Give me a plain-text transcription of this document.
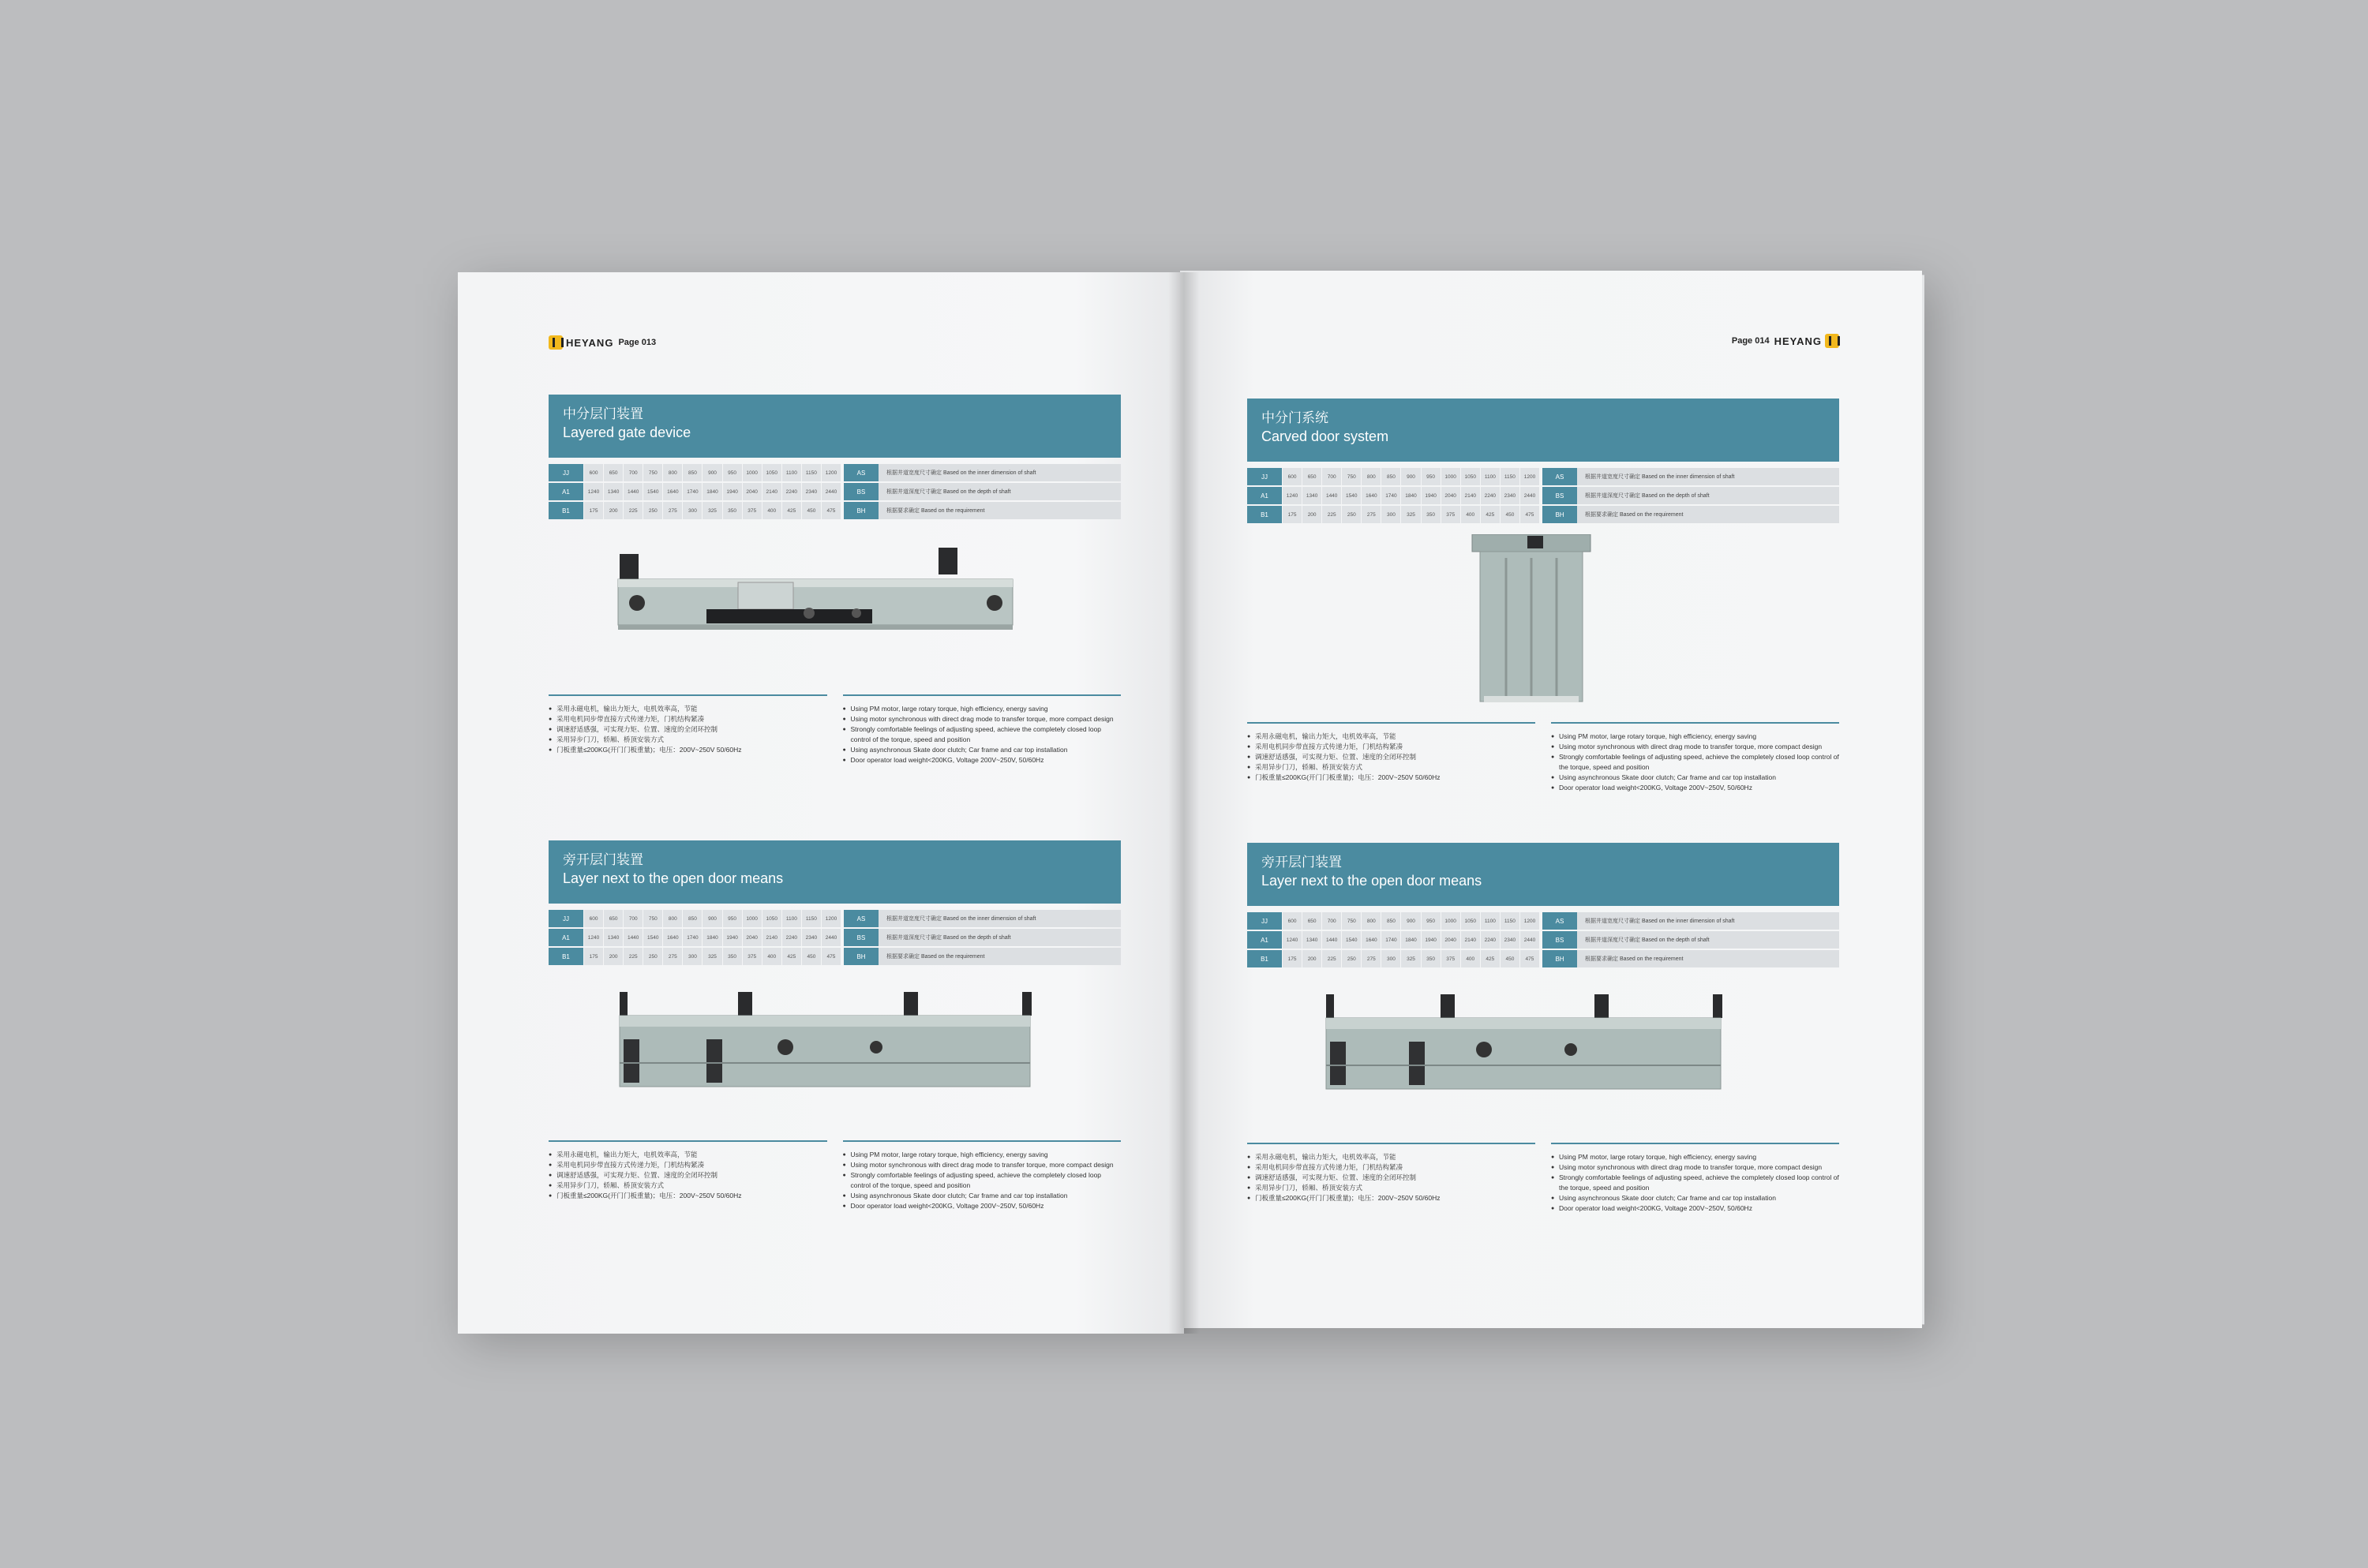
HEYANG Page 013
中分层门装置
Layered gate device
JJ	600	650	700	750	800	850	900	950	1000	1050	1100	1150	1200
A1	1240	1340	1440	1540	1640	1740	1840	1940	2040	2140	2240	2340	2440
B1	175	200	225	250	275	300	325	350	375	400	425	450	475
AS	根据井道宽度尺寸确定 Based on the inner dimension of shaft
BS	根据井道深度尺寸确定 Based on the depth of shaft
BH	根据要求确定 Based on the requirement
● 采用永磁电机，输出力矩大，电机效率高，节能
● 采用电机同步带直接方式传递力矩，门机结构紧凑
● 调速舒适感强，可实现力矩、位置、速度的全闭环控制
● 采用异步门刀，轿厢、桥顶安装方式
● 门板重量≤200KG(开门门板重量)；电压：200V~250V 50/60Hz
● Using PM motor, large rotary torque, high efficiency, energy saving
● Using motor synchronous with direct drag mode to transfer torque, more compact design
● Strongly comfortable feelings of adjusting speed, achieve the completely closed loop control of the torque, speed and position
● Using asynchronous Skate door clutch; Car frame and car top installation
● Door operator load weight<200KG, Voltage 200V~250V, 50/60Hz
旁开层门装置
Layer next to the open door means
JJ	600	650	700	750	800	850	900	950	1000	1050	1100	1150	1200
A1	1240	1340	1440	1540	1640	1740	1840	1940	2040	2140	2240	2340	2440
B1	175	200	225	250	275	300	325	350	375	400	425	450	475
AS	根据井道宽度尺寸确定 Based on the inner dimension of shaft
BS	根据井道深度尺寸确定 Based on the depth of shaft
BH	根据要求确定 Based on the requirement
● 采用永磁电机，输出力矩大，电机效率高，节能
● 采用电机同步带直接方式传递力矩，门机结构紧凑
● 调速舒适感强，可实现力矩、位置、速度的全闭环控制
● 采用异步门刀，轿厢、桥顶安装方式
● 门板重量≤200KG(开门门板重量)；电压：200V~250V 50/60Hz
● Using PM motor, large rotary torque, high efficiency, energy saving
● Using motor synchronous with direct drag mode to transfer torque, more compact design
● Strongly comfortable feelings of adjusting speed, achieve the completely closed loop control of the torque, speed and position
● Using asynchronous Skate door clutch; Car frame and car top installation
● Door operator load weight<200KG, Voltage 200V~250V, 50/60Hz
Page 014 HEYANG
中分门系统
Carved door system
JJ	600	650	700	750	800	850	900	950	1000	1050	1100	1150	1200
A1	1240	1340	1440	1540	1640	1740	1840	1940	2040	2140	2240	2340	2440
B1	175	200	225	250	275	300	325	350	375	400	425	450	475
AS	根据井道宽度尺寸确定 Based on the inner dimension of shaft
BS	根据井道深度尺寸确定 Based on the depth of shaft
BH	根据要求确定 Based on the requirement
● 采用永磁电机，输出力矩大，电机效率高，节能
● 采用电机同步带直接方式传递力矩，门机结构紧凑
● 调速舒适感强，可实现力矩、位置、速度的全闭环控制
● 采用异步门刀，轿厢、桥顶安装方式
● 门板重量≤200KG(开门门板重量)；电压：200V~250V 50/60Hz
● Using PM motor, large rotary torque, high efficiency, energy saving
● Using motor synchronous with direct drag mode to transfer torque, more compact design
● Strongly comfortable feelings of adjusting speed, achieve the completely closed loop control of the torque, speed and position
● Using asynchronous Skate door clutch; Car frame and car top installation
● Door operator load weight<200KG, Voltage 200V~250V, 50/60Hz
旁开层门装置
Layer next to the open door means
JJ	600	650	700	750	800	850	900	950	1000	1050	1100	1150	1200
A1	1240	1340	1440	1540	1640	1740	1840	1940	2040	2140	2240	2340	2440
B1	175	200	225	250	275	300	325	350	375	400	425	450	475
AS	根据井道宽度尺寸确定 Based on the inner dimension of shaft
BS	根据井道深度尺寸确定 Based on the depth of shaft
BH	根据要求确定 Based on the requirement
● 采用永磁电机，输出力矩大，电机效率高，节能
● 采用电机同步带直接方式传递力矩，门机结构紧凑
● 调速舒适感强，可实现力矩、位置、速度的全闭环控制
● 采用异步门刀，轿厢、桥顶安装方式
● 门板重量≤200KG(开门门板重量)；电压：200V~250V 50/60Hz
● Using PM motor, large rotary torque, high efficiency, energy saving
● Using motor synchronous with direct drag mode to transfer torque, more compact design
● Strongly comfortable feelings of adjusting speed, achieve the completely closed loop control of the torque, speed and position
● Using asynchronous Skate door clutch; Car frame and car top installation
● Door operator load weight<200KG, Voltage 200V~250V, 50/60Hz
